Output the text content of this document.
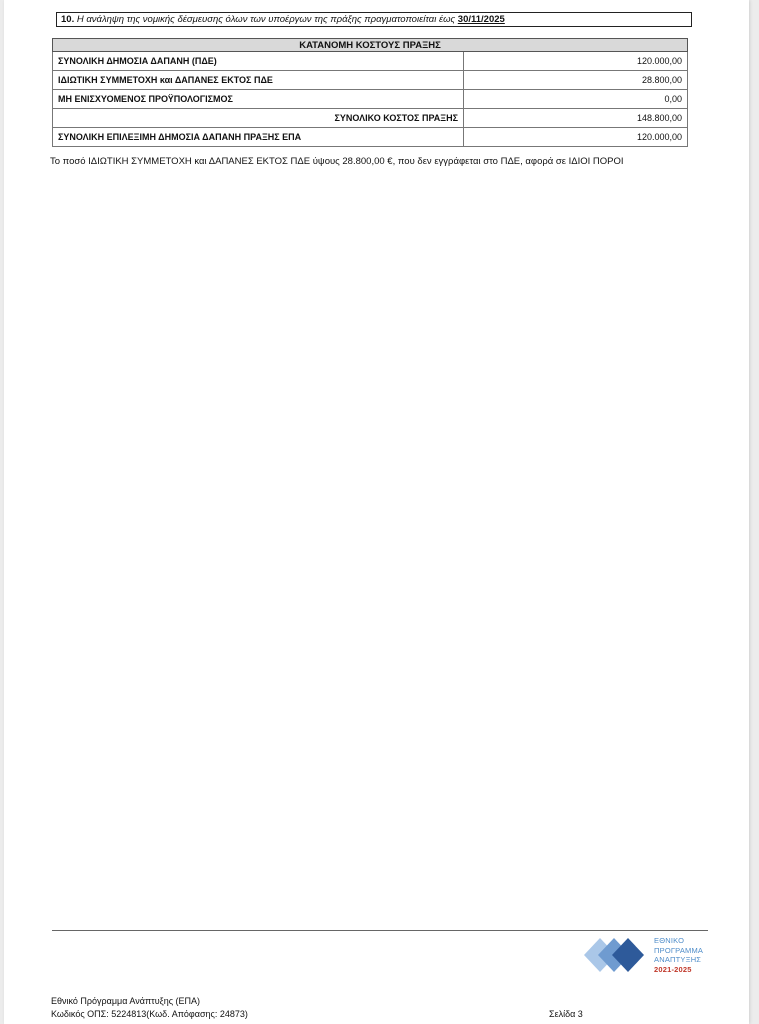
10. Η ανάληψη της νομικής δέσμευσης όλων των υποέργων της πράξης πραγματοποιείται έως 30/11/2025
ΚΑΤΑΝΟΜΗ ΚΟΣΤΟΥΣ ΠΡΑΞΗΣ	
ΣΥΝΟΛΙΚΗ ΔΗΜΟΣΙΑ ΔΑΠΑΝΗ (ΠΔΕ)	120.000,00
ΙΔΙΩΤΙΚΗ ΣΥΜΜΕΤΟΧΗ και ΔΑΠΑΝΕΣ ΕΚΤΟΣ ΠΔΕ	28.800,00
ΜΗ ΕΝΙΣΧΥΟΜΕΝΟΣ ΠΡΟΫΠΟΛΟΓΙΣΜΟΣ	0,00
ΣΥΝΟΛΙΚΟ ΚΟΣΤΟΣ ΠΡΑΞΗΣ	148.800,00
ΣΥΝΟΛΙΚΗ ΕΠΙΛΕΞΙΜΗ ΔΗΜΟΣΙΑ ΔΑΠΑΝΗ ΠΡΑΞΗΣ ΕΠΑ	120.000,00
Το ποσό ΙΔΙΩΤΙΚΗ ΣΥΜΜΕΤΟΧΗ και ΔΑΠΑΝΕΣ ΕΚΤΟΣ ΠΔΕ ύψους 28.800,00 €, που δεν εγγράφεται στο ΠΔΕ, αφορά σε ΙΔΙΟΙ ΠΟΡΟΙ
ΕΘΝΙΚΟ
ΠΡΟΓΡΑΜΜΑ
ΑΝΑΠΤΥΞΗΣ
2021-2025
Εθνικό Πρόγραμμα Ανάπτυξης (ΕΠΑ)
Κωδικός ΟΠΣ: 5224813(Κωδ. Απόφασης: 24873)	Σελίδα 3
